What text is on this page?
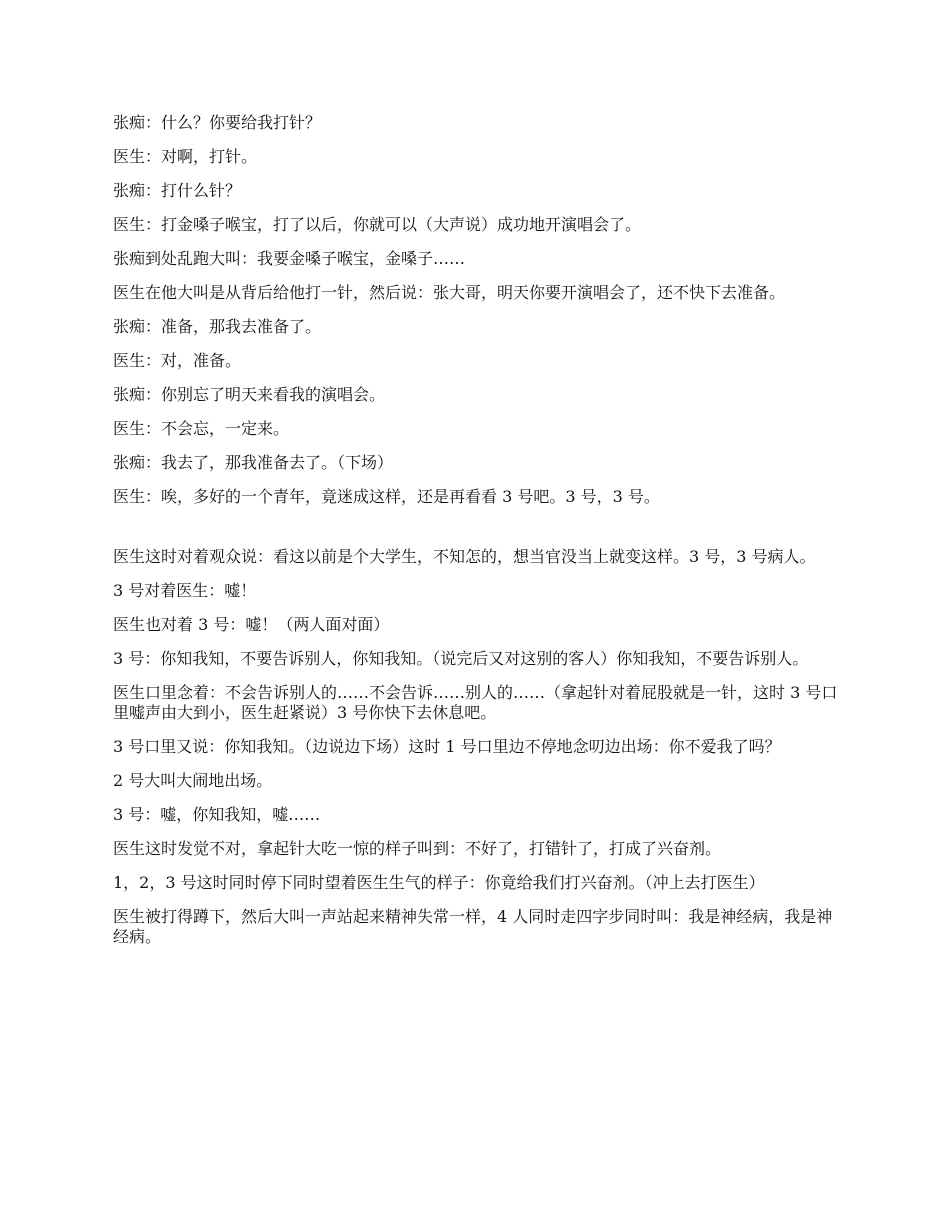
张痴：什么？你要给我打针？

医生：对啊，打针。

张痴：打什么针？

医生：打金嗓子喉宝，打了以后，你就可以（大声说）成功地开演唱会了。

张痴到处乱跑大叫：我要金嗓子喉宝，金嗓子……

医生在他大叫是从背后给他打一针，然后说：张大哥，明天你要开演唱会了，还不快下去准备。

张痴：准备，那我去准备了。

医生：对，准备。

张痴：你别忘了明天来看我的演唱会。

医生：不会忘，一定来。

张痴：我去了，那我准备去了。（下场）

医生：唉，多好的一个青年，竟迷成这样，还是再看看 3 号吧。3 号，3 号。

医生这时对着观众说：看这以前是个大学生，不知怎的，想当官没当上就变这样。3 号，3 号病人。

3 号对着医生：嘘！

医生也对着 3 号：嘘！（两人面对面）

3 号：你知我知，不要告诉别人，你知我知。（说完后又对这别的客人）你知我知，不要告诉别人。

医生口里念着：不会告诉别人的……不会告诉……别人的……（拿起针对着屁股就是一针，这时 3 号口里嘘声由大到小，医生赶紧说）3 号你快下去休息吧。

3 号口里又说：你知我知。（边说边下场）这时 1 号口里边不停地念叨边出场：你不爱我了吗？

2 号大叫大闹地出场。

3 号：嘘，你知我知，嘘……

医生这时发觉不对，拿起针大吃一惊的样子叫到：不好了，打错针了，打成了兴奋剂。

1，2，3 号这时同时停下同时望着医生生气的样子：你竟给我们打兴奋剂。（冲上去打医生）

医生被打得蹲下，然后大叫一声站起来精神失常一样，4 人同时走四字步同时叫：我是神经病，我是神经病。
